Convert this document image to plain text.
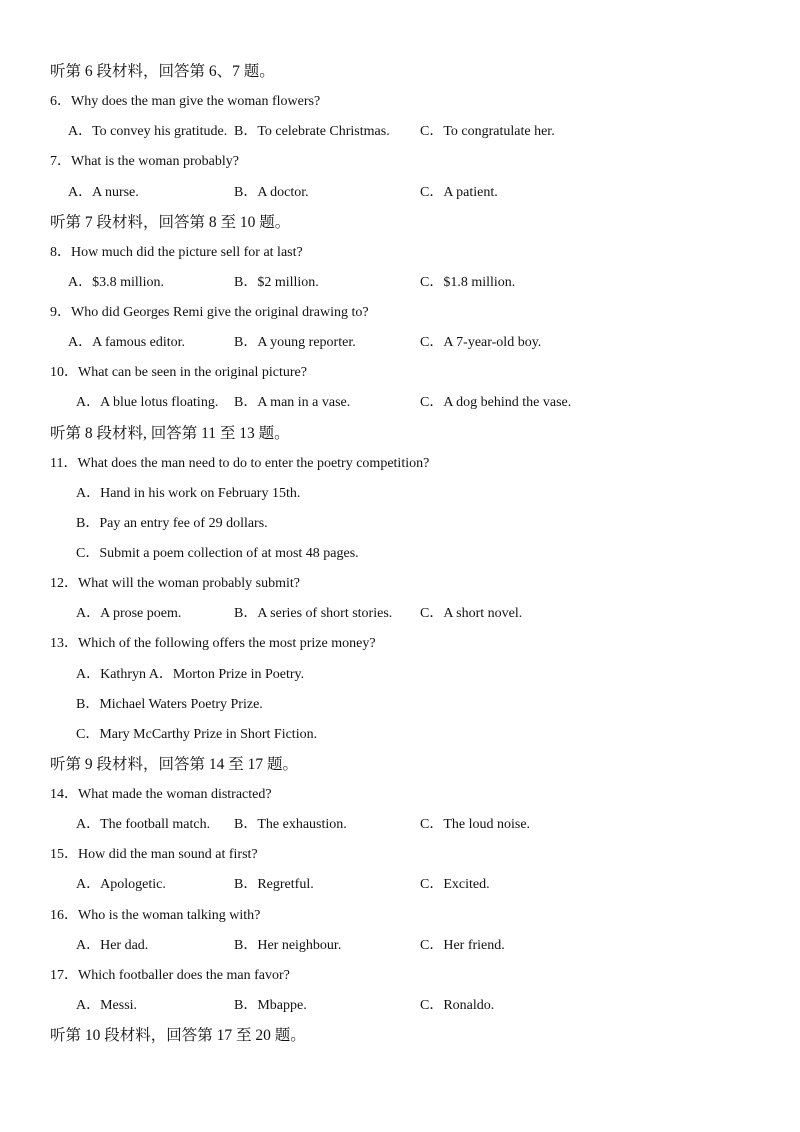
听第 6 段材料，回答第 6、7 题。
6．Why does the man give the woman flowers?
A．To convey his gratitude. B．To celebrate Christmas. C．To congratulate her.
7．What is the woman probably?
A．A nurse.	B．A doctor.	C．A patient.
听第 7 段材料，回答第 8 至 10 题。
8．How much did the picture sell for at last?
A．$3.8 million.	B．$2 million.	C．$1.8 million.
9．Who did Georges Remi give the original drawing to?
A．A famous editor.	B．A young reporter.	C．A 7-year-old boy.
10．What can be seen in the original picture?
A．A blue lotus floating. B．A man in a vase.	C．A dog behind the vase.
听第 8 段材料, 回答第 11 至 13 题。
11．What does the man need to do to enter the poetry competition?
A．Hand in his work on February 15th.
B．Pay an entry fee of 29 dollars.
C．Submit a poem collection of at most 48 pages.
12．What will the woman probably submit?
A．A prose poem.	B．A series of short stories. C．A short novel.
13．Which of the following offers the most prize money?
A．Kathryn A．Morton Prize in Poetry.
B．Michael Waters Poetry Prize.
C．Mary McCarthy Prize in Short Fiction.
听第 9 段材料，回答第 14 至 17 题。
14．What made the woman distracted?
A．The football match. B．The exhaustion.	C．The loud noise.
15．How did the man sound at first?
A．Apologetic.	B．Regretful.	C．Excited.
16．Who is the woman talking with?
A．Her dad.	B．Her neighbour.	C．Her friend.
17．Which footballer does the man favor?
A．Messi.	B．Mbappe.	C．Ronaldo.
听第 10 段材料，回答第 17 至 20 题。
